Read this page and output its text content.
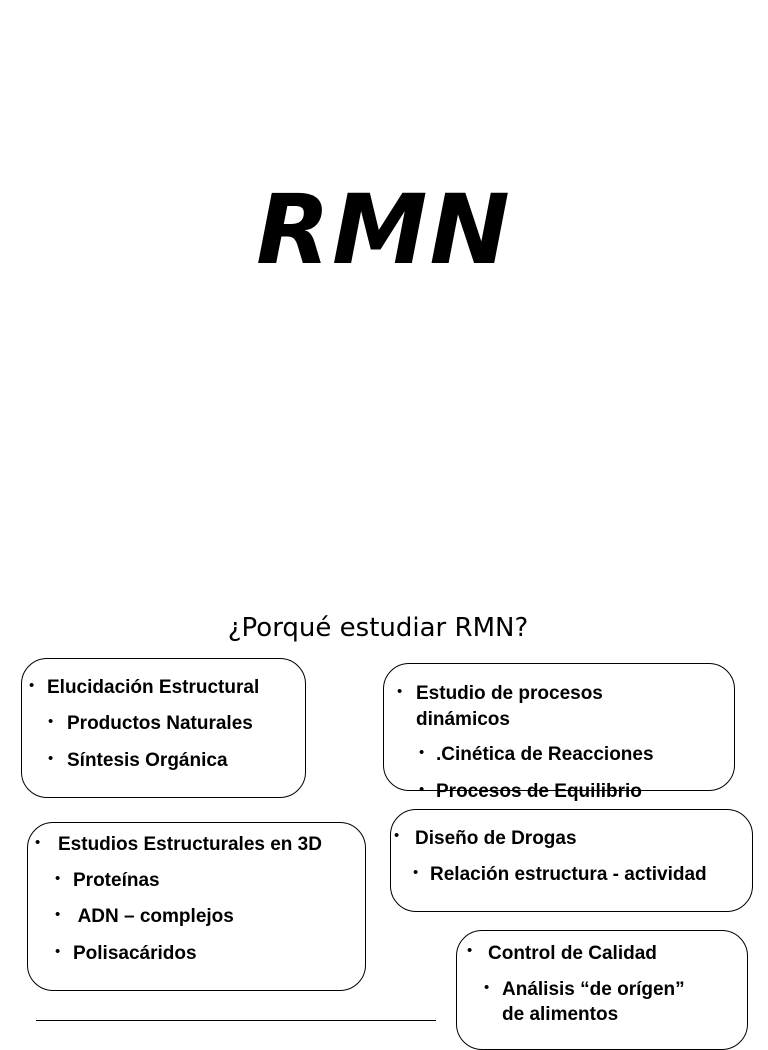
RMN
¿Porqué estudiar RMN?
• Elucidación Estructural
• Productos Naturales
• Síntesis Orgánica
• Estudio de procesos
dinámicos
• .Cinética de Reacciones
• Procesos de Equilibrio
• Estudios Estructurales en 3D
• Proteínas
• ADN – complejos
• Polisacáridos
• Diseño de Drogas
• Relación estructura - actividad
• Control de Calidad
• Análisis “de orígen”
de alimentos
